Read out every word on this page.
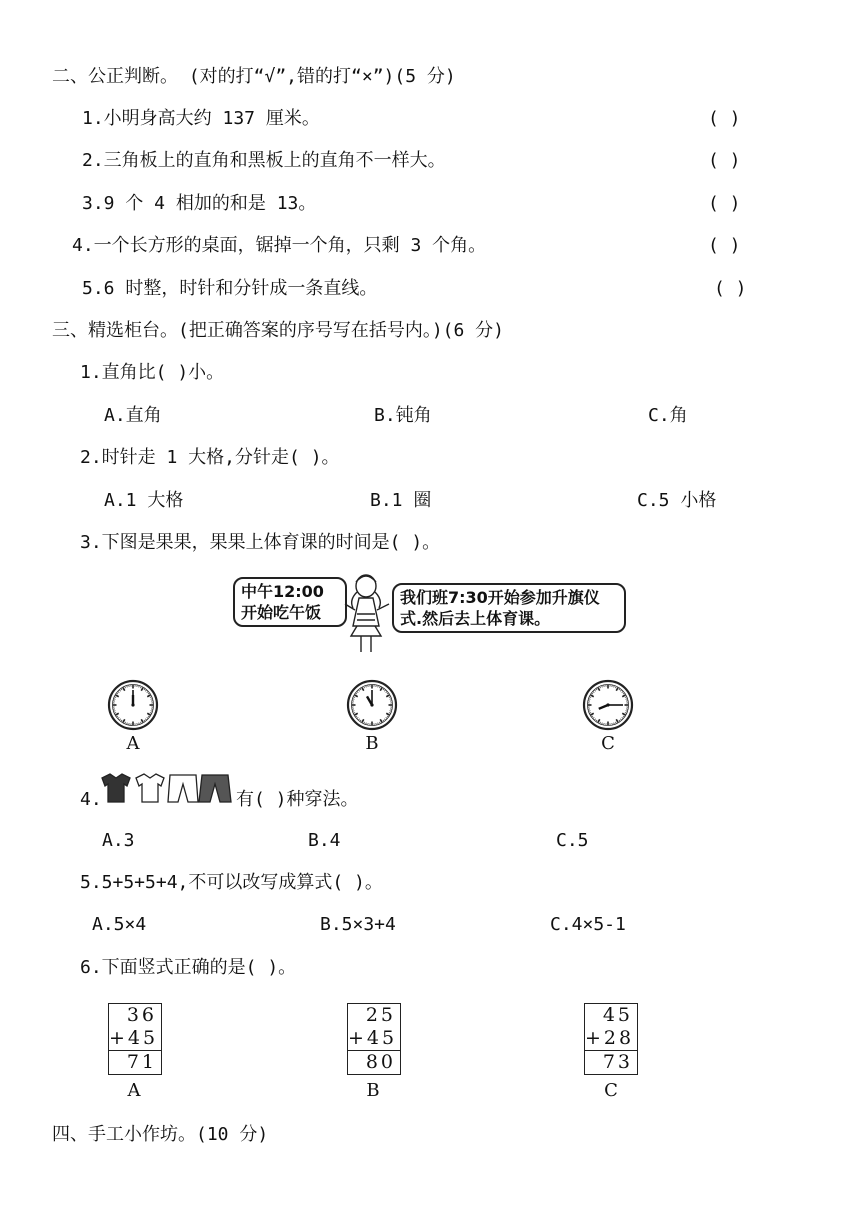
二、公正判断。 (对的打“√”,错的打“×”)(5 分)
1.小明身高大约 137 厘米。	( )
2.三角板上的直角和黑板上的直角不一样大。	( )
3.9 个 4 相加的和是 13。	( )
4.一个长方形的桌面，锯掉一个角，只剩 3 个角。	( )
5.6 时整，时针和分针成一条直线。	( )
三、精选柜台。(把正确答案的序号写在括号内。)(6 分)
1.直角比( )小。
A.直角	B.钝角	C.角
2.时针走 1 大格,分针走( )。
A.1 大格	B.1 圈	C.5 小格
3.下图是果果，果果上体育课的时间是( )。
中午12:00
开始吃午饭
我们班7:30开始参加升旗仪
式.然后去上体育课。
A	B	C
4.	有( )种穿法。
A.3	B.4	C.5
5.5+5+5+4,不可以改写成算式( )。
A.5×4	B.5×3+4	C.4×5-1
6.下面竖式正确的是( )。
36
+45
71
A
25
+45
80
B
45
+28
73
C
四、手工小作坊。(10 分)
